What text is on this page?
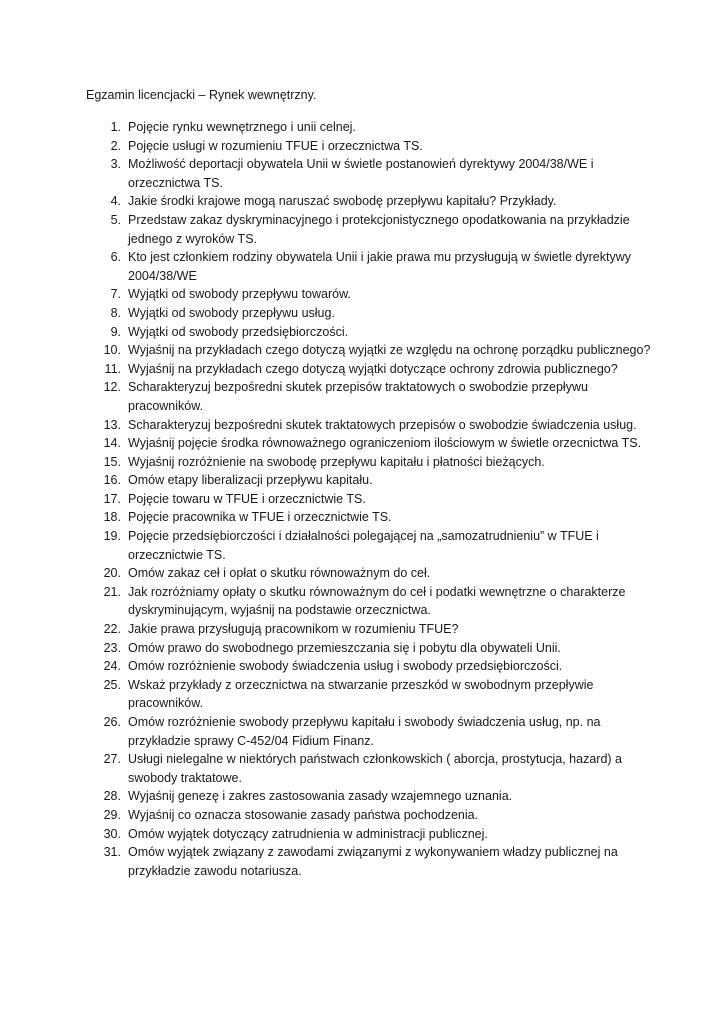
Egzamin licencjacki – Rynek wewnętrzny.

1. Pojęcie rynku wewnętrznego i unii celnej.
2. Pojęcie usługi w rozumieniu TFUE i orzecznictwa TS.
3. Możliwość deportacji obywatela Unii w świetle postanowień dyrektywy 2004/38/WE i orzecznictwa TS.
4. Jakie środki krajowe mogą naruszać swobodę przepływu kapitału? Przykłady.
5. Przedstaw zakaz dyskryminacyjnego i protekcjonistycznego opodatkowania na przykładzie jednego z wyroków TS.
6. Kto jest członkiem rodziny obywatela Unii i jakie prawa mu przysługują w świetle dyrektywy 2004/38/WE
7. Wyjątki od swobody przepływu towarów.
8. Wyjątki od swobody przepływu usług.
9. Wyjątki od swobody przedsiębiorczości.
10. Wyjaśnij na przykładach czego dotyczą wyjątki ze względu na ochronę porządku publicznego?
11. Wyjaśnij na przykładach czego dotyczą wyjątki dotyczące ochrony zdrowia publicznego?
12. Scharakteryzuj bezpośredni skutek przepisów traktatowych o swobodzie przepływu pracowników.
13. Scharakteryzuj bezpośredni skutek traktatowych przepisów o swobodzie świadczenia usług.
14. Wyjaśnij pojęcie środka równoważnego ograniczeniom ilościowym w świetle orzecnictwa TS.
15. Wyjaśnij rozróżnienie na swobodę przepływu kapitału i płatności bieżących.
16. Omów etapy liberalizacji przepływu kapitału.
17. Pojęcie towaru w TFUE i orzecznictwie TS.
18. Pojęcie pracownika w TFUE i orzecznictwie TS.
19. Pojęcie przedsiębiorczości i działalności polegającej na „samozatrudnieniu” w TFUE i orzecznictwie TS.
20. Omów zakaz ceł i opłat o skutku równoważnym do ceł.
21. Jak rozróżniamy opłaty o skutku równoważnym do ceł i podatki wewnętrzne o charakterze dyskryminującym, wyjaśnij na podstawie orzecznictwa.
22. Jakie prawa przysługują pracownikom w rozumieniu TFUE?
23. Omów prawo do swobodnego przemieszczania się i pobytu dla obywateli Unii.
24. Omów rozróżnienie swobody świadczenia usług i swobody przedsiębiorczości.
25. Wskaż przykłady z orzecznictwa na stwarzanie przeszkód w swobodnym przepływie pracowników.
26. Omów rozróżnienie swobody przepływu kapitału i swobody świadczenia usług, np. na przykładzie sprawy C-452/04 Fidium Finanz.
27. Usługi nielegalne w niektórych państwach członkowskich ( aborcja, prostytucja, hazard) a swobody traktatowe.
28. Wyjaśnij genezę i zakres zastosowania zasady wzajemnego uznania.
29. Wyjaśnij co oznacza stosowanie zasady państwa pochodzenia.
30. Omów wyjątek dotyczący zatrudnienia w administracji publicznej.
31. Omów wyjątek związany z zawodami związanymi z wykonywaniem władzy publicznej na przykładzie zawodu notariusza.
